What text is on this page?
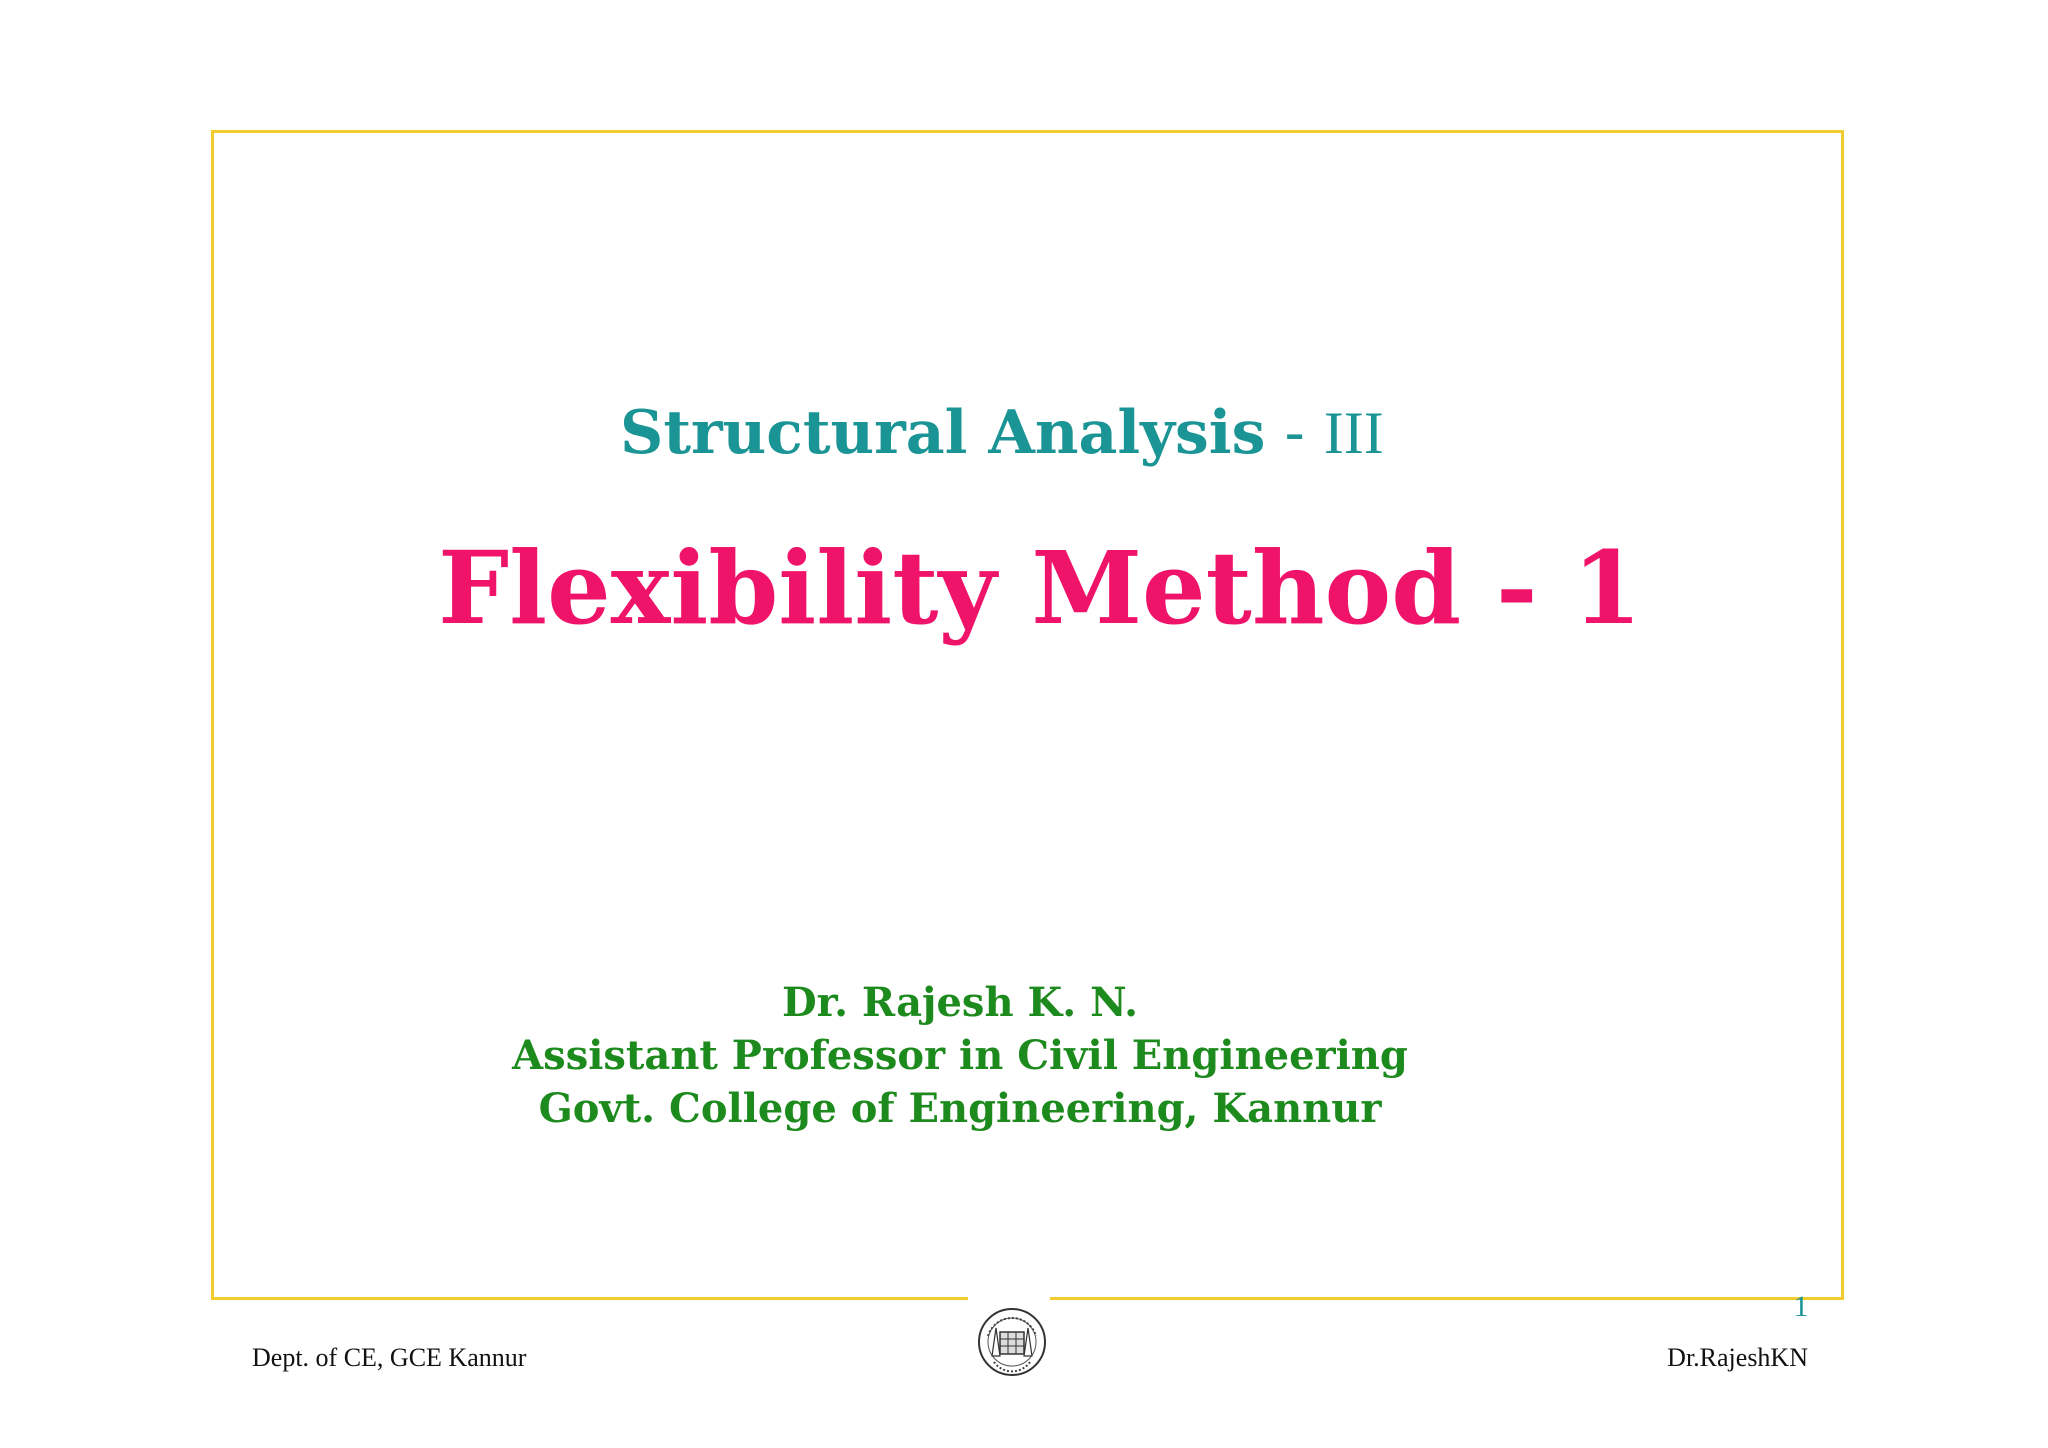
Structural Analysis - III
Flexibility Method - 1
Dr. Rajesh K. N.
Assistant Professor in Civil Engineering
Govt. College of Engineering, Kannur
1
Dept. of CE, GCE Kannur	Dr.RajeshKN
